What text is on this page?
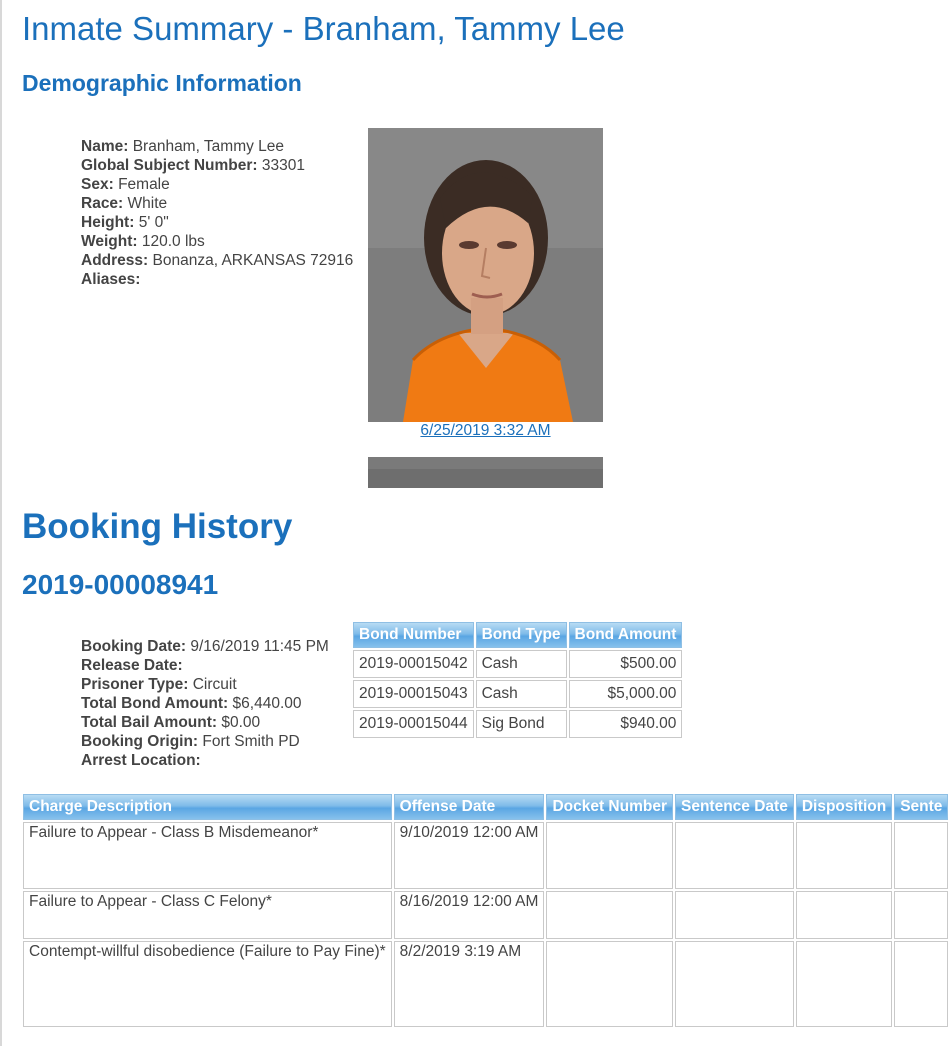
Inmate Summary - Branham, Tammy Lee
Demographic Information
Name: Branham, Tammy Lee
Global Subject Number: 33301
Sex: Female
Race: White
Height: 5' 0"
Weight: 120.0 lbs
Address: Bonanza, ARKANSAS 72916
Aliases:
6/25/2019 3:32 AM
Booking History
2019-00008941
Booking Date: 9/16/2019 11:45 PM
Release Date:
Prisoner Type: Circuit
Total Bond Amount: $6,440.00
Total Bail Amount: $0.00
Booking Origin: Fort Smith PD
Arrest Location:
Bond Number	Bond Type	Bond Amount
2019-00015042	Cash	$500.00
2019-00015043	Cash	$5,000.00
2019-00015044	Sig Bond	$940.00
Charge Description	Offense Date	Docket Number	Sentence Date	Disposition	Sente
Failure to Appear - Class B Misdemeanor*	9/10/2019 12:00 AM				
Failure to Appear - Class C Felony*	8/16/2019 12:00 AM				
Contempt-willful disobedience (Failure to Pay Fine)*	8/2/2019 3:19 AM				
